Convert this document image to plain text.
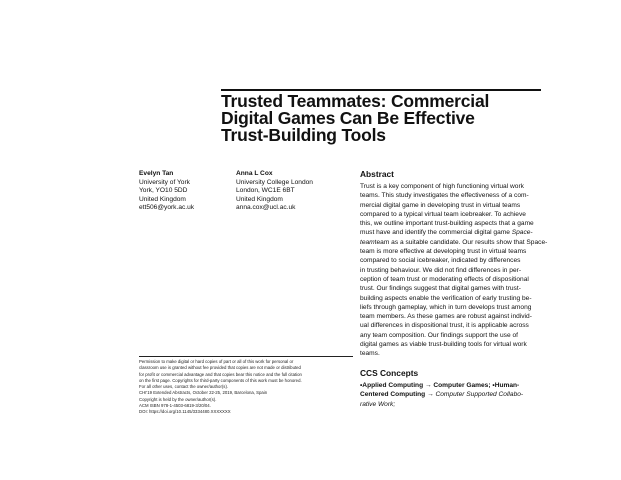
Trusted Teammates: Commercial
Digital Games Can Be Effective
Trust-Building Tools
Evelyn Tan
University of York
York, YO10 5DD
United Kingdom
ett506@york.ac.uk
Anna L Cox
University College London
London, WC1E 6BT
United Kingdom
anna.cox@ucl.ac.uk
Abstract
Trust is a key component of high functioning virtual work
teams. This study investigates the effectiveness of a com-
mercial digital game in developing trust in virtual teams
compared to a typical virtual team icebreaker. To achieve
this, we outline important trust-building aspects that a game
must have and identify the commercial digital game Space-
teamteam as a suitable candidate. Our results show that Space-
team is more effective at developing trust in virtual teams
compared to social icebreaker, indicated by differences
in trusting behaviour. We did not find differences in per-
ception of team trust or moderating effects of dispositional
trust. Our findings suggest that digital games with trust-
building aspects enable the verification of early trusting be-
liefs through gameplay, which in turn develops trust among
team members. As these games are robust against individ-
ual differences in dispositional trust, it is applicable across
any team composition. Our findings support the use of
digital games as viable trust-building tools for virtual work
teams.
CCS Concepts
•Applied Computing → Computer Games; •Human-
Centered Computing → Computer Supported Collabo-
rative Work;
Permission to make digital or hard copies of part or all of this work for personal or
classroom use is granted without fee provided that copies are not made or distributed
for profit or commercial advantage and that copies bear this notice and the full citation
on the first page. Copyrights for third-party components of this work must be honored.
For all other uses, contact the owner/author(s).
CHI'19 Extended Abstracts, October 22-25, 2019, Barcelona, Spain
Copyright is held by the owner/author(s).
ACM ISBN 978-1-4503-6819-3/20/04.
DOI: https://doi.org/10.1145/3334480.XXXXXXX
